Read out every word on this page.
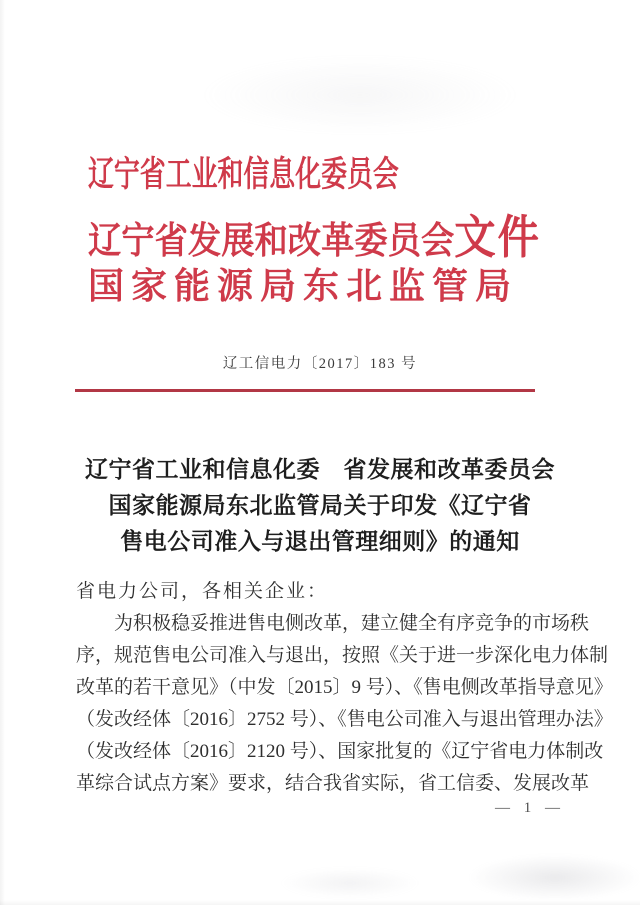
辽宁省工业和信息化委员会
辽宁省发展和改革委员会文件
国家能源局东北监管局
辽工信电力〔2017〕183 号
辽宁省工业和信息化委　省发展和改革委员会
国家能源局东北监管局关于印发《辽宁省
售电公司准入与退出管理细则》的通知
省电力公司，各相关企业：
为积极稳妥推进售电侧改革，建立健全有序竞争的市场秩
序，规范售电公司准入与退出，按照《关于进一步深化电力体制
改革的若干意见》（中发〔2015〕9 号）、《售电侧改革指导意见》
（发改经体〔2016〕2752 号）、《售电公司准入与退出管理办法》
（发改经体〔2016〕2120 号）、国家批复的《辽宁省电力体制改
革综合试点方案》要求，结合我省实际，省工信委、发展改革
— 1 —
